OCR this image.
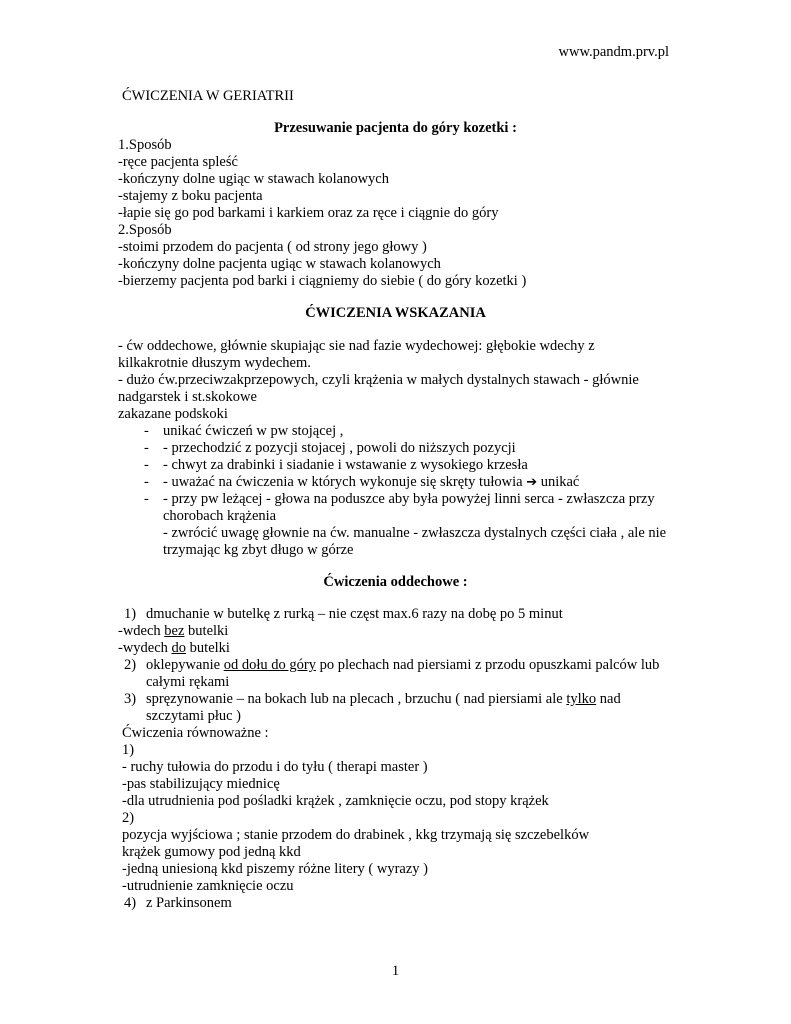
www.pandm.prv.pl
ĆWICZENIA W GERIATRII
Przesuwanie pacjenta do góry kozetki :
1.Sposób
-ręce pacjenta spleść
-kończyny dolne ugiąc w stawach kolanowych
-stajemy z boku pacjenta
-łapie się go pod barkami i karkiem oraz za ręce i ciągnie do góry
2.Sposób
-stoimi przodem do pacjenta ( od strony jego głowy )
-kończyny dolne pacjenta ugiąc w stawach kolanowych
-bierzemy pacjenta pod barki i ciągniemy do siebie ( do góry kozetki )
ĆWICZENIA WSKAZANIA
- ćw oddechowe, głównie skupiając sie nad fazie wydechowej: głębokie wdechy z
kilkakrotnie dłuszym wydechem.
- dużo ćw.przeciwzakprzepowych, czyli krążenia w małych dystalnych stawach - głównie
nadgarstek i st.skokowe
zakazane podskoki
- unikać ćwiczeń w pw stojącej ,
- - przechodzić z pozycji stojacej , powoli do niższych pozycji
- - chwyt za drabinki i siadanie i wstawanie z wysokiego krzesła
- - uważać na ćwiczenia w których wykonuje się skręty tułowia ➔ unikać
- - przy pw leżącej - głowa na poduszce aby była powyżej linni serca - zwłaszcza przy
chorobach krążenia
- zwrócić uwagę głownie na ćw. manualne - zwłaszcza dystalnych części ciała , ale nie
trzymając kg zbyt długo w górze
Ćwiczenia oddechowe :
1) dmuchanie w butelkę z rurką – nie częst max.6 razy na dobę po 5 minut
-wdech bez butelki
-wydech do butelki
2) oklepywanie od dołu do góry po plechach nad piersiami z przodu opuszkami palców lub
całymi rękami
3) spręzynowanie – na bokach lub na plecach , brzuchu ( nad piersiami ale tylko nad
szczytami płuc )
Ćwiczenia równoważne :
1)
- ruchy tułowia do przodu i do tyłu ( therapi master )
-pas stabilizujący miednicę
-dla utrudnienia pod pośladki krążek , zamknięcie oczu, pod stopy krążek
2)
pozycja wyjściowa ; stanie przodem do drabinek , kkg trzymają się szczebelków
krążek gumowy pod jedną kkd
-jedną uniesioną kkd piszemy różne litery ( wyrazy )
-utrudnienie zamknięcie oczu
4) z Parkinsonem
1
